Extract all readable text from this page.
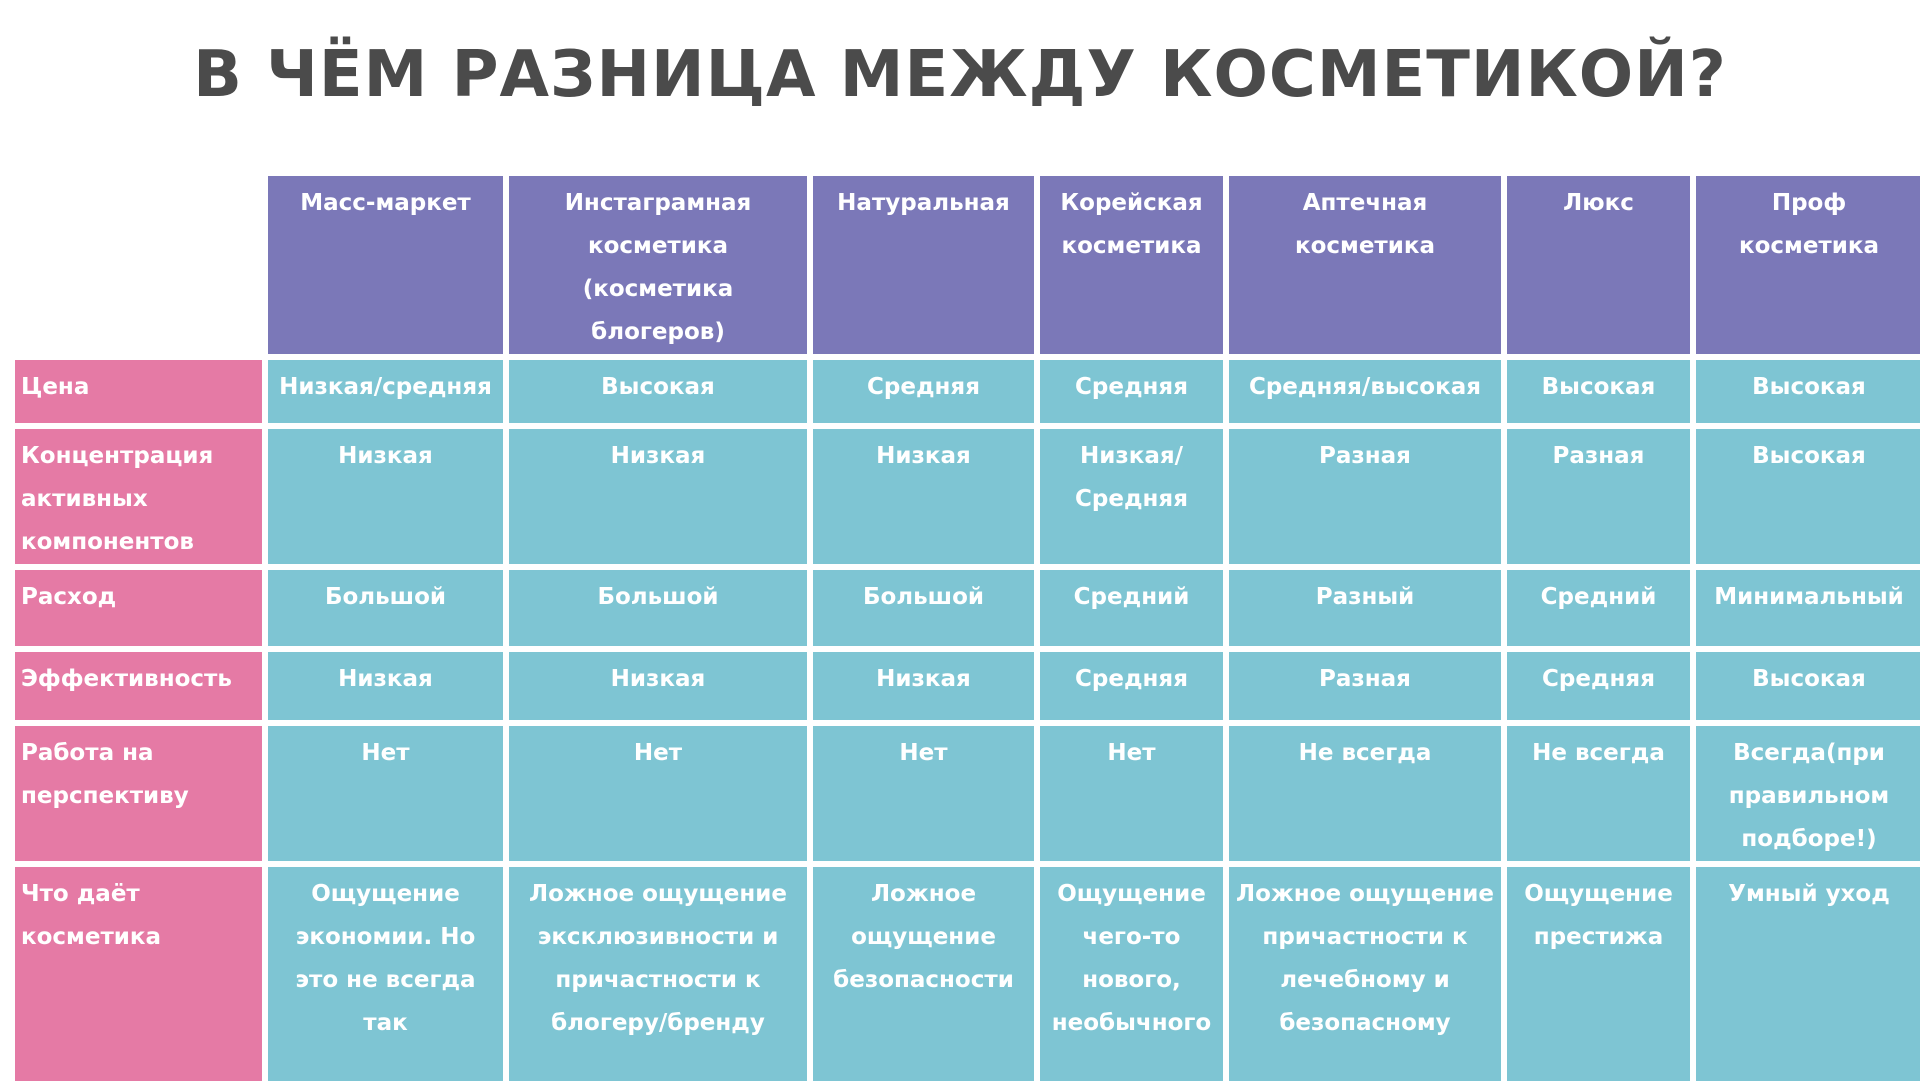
В ЧЁМ РАЗНИЦА МЕЖДУ КОСМЕТИКОЙ?
	Масс-маркет	Инстаграмная косметика (косметика блогеров)	Натуральная	Корейская косметика	Аптечная косметика	Люкс	Проф косметика
Цена	Низкая/средняя	Высокая	Средняя	Средняя	Средняя/высокая	Высокая	Высокая
Концентрация активных компонентов	Низкая	Низкая	Низкая	Низкая/ Средняя	Разная	Разная	Высокая
Расход	Большой	Большой	Большой	Средний	Разный	Средний	Минимальный
Эффективность	Низкая	Низкая	Низкая	Средняя	Разная	Средняя	Высокая
Работа на перспективу	Нет	Нет	Нет	Нет	Не всегда	Не всегда	Всегда(при правильном подборе!)
Что даёт косметика	Ощущение экономии. Но это не всегда так	Ложное ощущение эксклюзивности и причастности к блогеру/бренду	Ложное ощущение безопасности	Ощущение чего-то нового, необычного	Ложное ощущение причастности к лечебному и безопасному	Ощущение престижа	Умный уход
